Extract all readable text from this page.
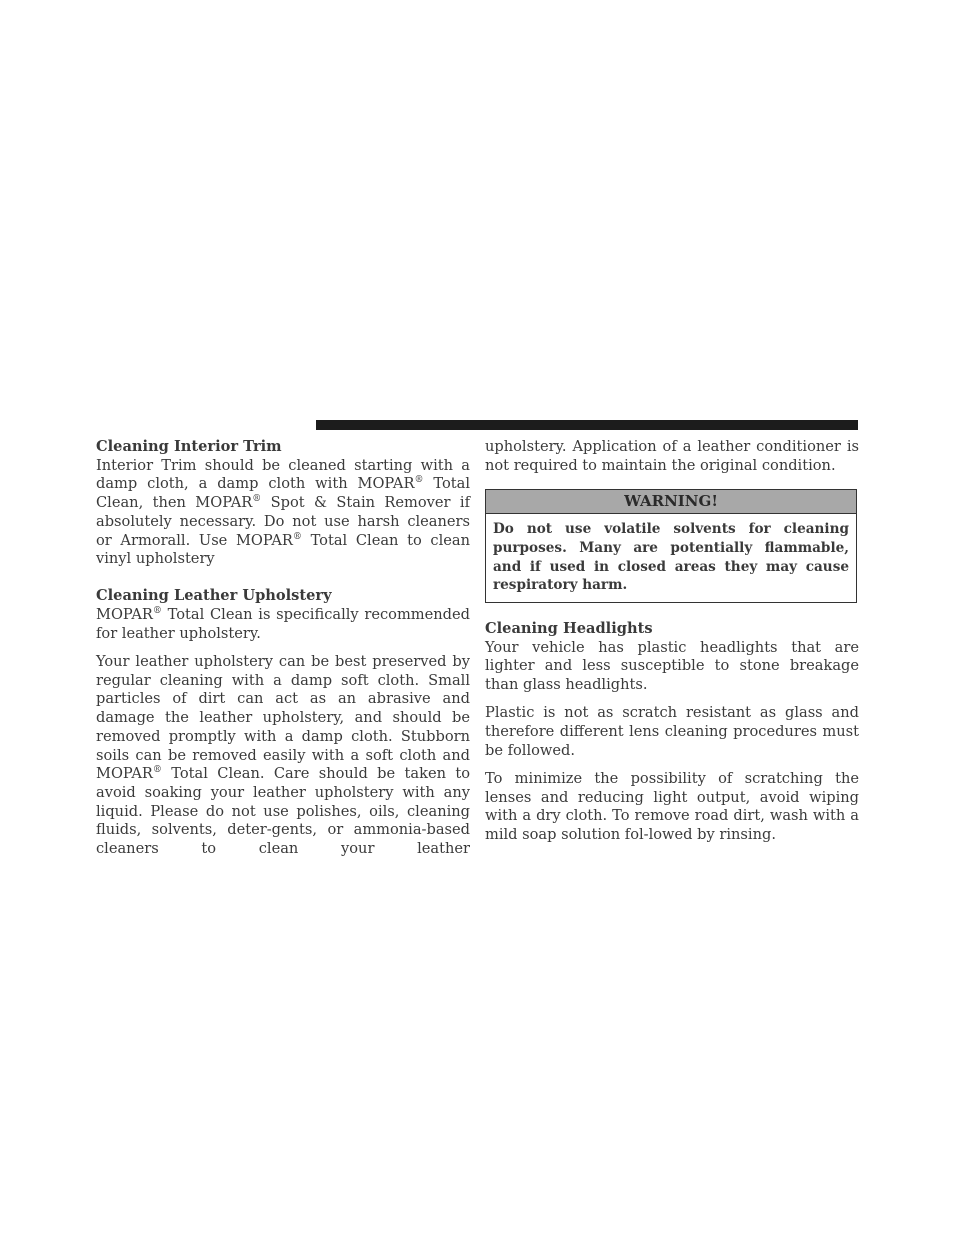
Cleaning Interior Trim

Interior Trim should be cleaned starting with a damp cloth, a damp cloth with MOPAR® Total Clean, then MOPAR® Spot & Stain Remover if absolutely necessary. Do not use harsh cleaners or Armorall. Use MOPAR® Total Clean to clean vinyl upholstery

Cleaning Leather Upholstery

MOPAR® Total Clean is specifically recommended for leather upholstery.

Your leather upholstery can be best preserved by regular cleaning with a damp soft cloth. Small particles of dirt can act as an abrasive and damage the leather upholstery, and should be removed promptly with a damp cloth. Stubborn soils can be removed easily with a soft cloth and MOPAR® Total Clean. Care should be taken to avoid soaking your leather upholstery with any liquid. Please do not use polishes, oils, cleaning fluids, solvents, deter-gents, or ammonia-based cleaners to clean your leather

upholstery. Application of a leather conditioner is not required to maintain the original condition.

WARNING!
Do not use volatile solvents for cleaning purposes. Many are potentially flammable, and if used in closed areas they may cause respiratory harm.
Cleaning Headlights

Your vehicle has plastic headlights that are lighter and less susceptible to stone breakage than glass headlights.

Plastic is not as scratch resistant as glass and therefore different lens cleaning procedures must be followed.

To minimize the possibility of scratching the lenses and reducing light output, avoid wiping with a dry cloth. To remove road dirt, wash with a mild soap solution fol-lowed by rinsing.
